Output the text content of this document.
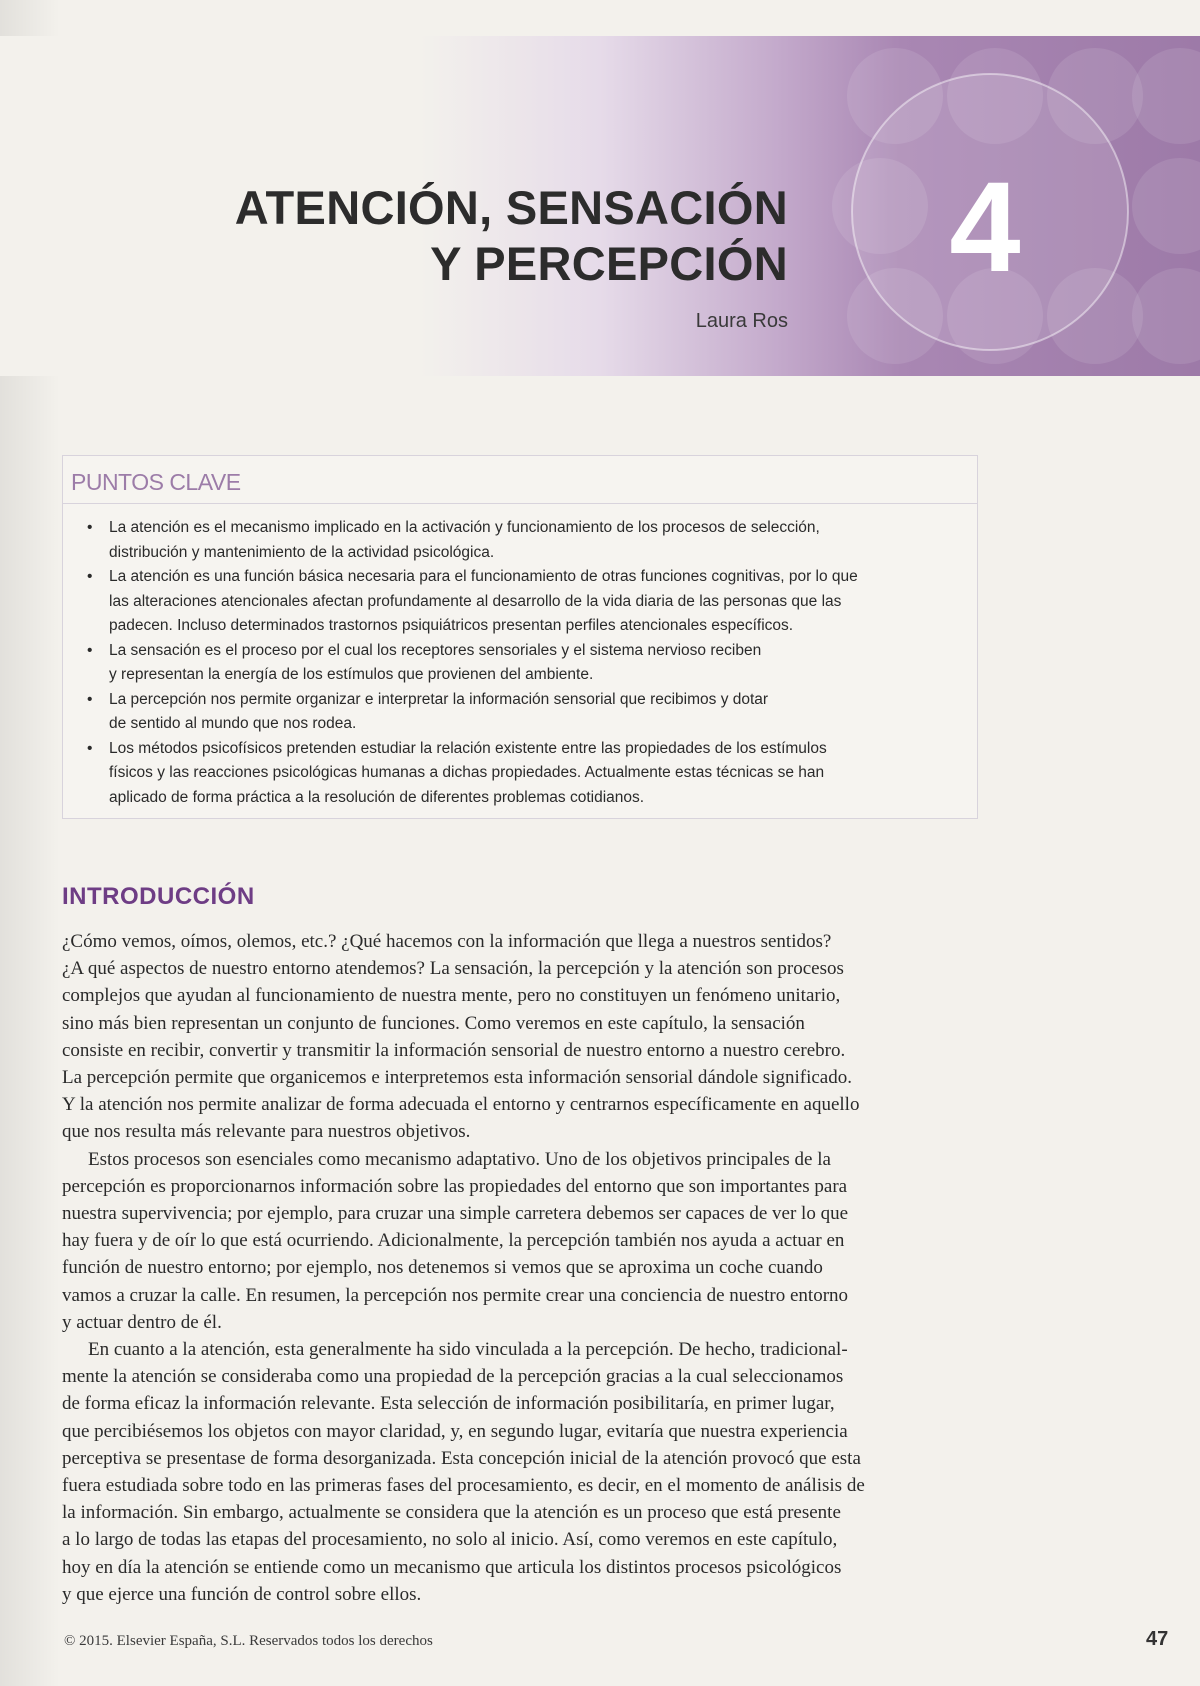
4
ATENCIÓN, SENSACIÓN
Y PERCEPCIÓN
Laura Ros
PUNTOS CLAVE
• La atención es el mecanismo implicado en la activación y funcionamiento de los procesos de selección,
distribución y mantenimiento de la actividad psicológica.
• La atención es una función básica necesaria para el funcionamiento de otras funciones cognitivas, por lo que
las alteraciones atencionales afectan profundamente al desarrollo de la vida diaria de las personas que las
padecen. Incluso determinados trastornos psiquiátricos presentan perfiles atencionales específicos.
• La sensación es el proceso por el cual los receptores sensoriales y el sistema nervioso reciben
y representan la energía de los estímulos que provienen del ambiente.
• La percepción nos permite organizar e interpretar la información sensorial que recibimos y dotar
de sentido al mundo que nos rodea.
• Los métodos psicofísicos pretenden estudiar la relación existente entre las propiedades de los estímulos
físicos y las reacciones psicológicas humanas a dichas propiedades. Actualmente estas técnicas se han
aplicado de forma práctica a la resolución de diferentes problemas cotidianos.
INTRODUCCIÓN
¿Cómo vemos, oímos, olemos, etc.? ¿Qué hacemos con la información que llega a nuestros sentidos?
¿A qué aspectos de nuestro entorno atendemos? La sensación, la percepción y la atención son procesos
complejos que ayudan al funcionamiento de nuestra mente, pero no constituyen un fenómeno unitario,
sino más bien representan un conjunto de funciones. Como veremos en este capítulo, la sensación
consiste en recibir, convertir y transmitir la información sensorial de nuestro entorno a nuestro cerebro.
La percepción permite que organicemos e interpretemos esta información sensorial dándole significado.
Y la atención nos permite analizar de forma adecuada el entorno y centrarnos específicamente en aquello
que nos resulta más relevante para nuestros objetivos.
Estos procesos son esenciales como mecanismo adaptativo. Uno de los objetivos principales de la
percepción es proporcionarnos información sobre las propiedades del entorno que son importantes para
nuestra supervivencia; por ejemplo, para cruzar una simple carretera debemos ser capaces de ver lo que
hay fuera y de oír lo que está ocurriendo. Adicionalmente, la percepción también nos ayuda a actuar en
función de nuestro entorno; por ejemplo, nos detenemos si vemos que se aproxima un coche cuando
vamos a cruzar la calle. En resumen, la percepción nos permite crear una conciencia de nuestro entorno
y actuar dentro de él.
En cuanto a la atención, esta generalmente ha sido vinculada a la percepción. De hecho, tradicional-
mente la atención se consideraba como una propiedad de la percepción gracias a la cual seleccionamos
de forma eficaz la información relevante. Esta selección de información posibilitaría, en primer lugar,
que percibiésemos los objetos con mayor claridad, y, en segundo lugar, evitaría que nuestra experiencia
perceptiva se presentase de forma desorganizada. Esta concepción inicial de la atención provocó que esta
fuera estudiada sobre todo en las primeras fases del procesamiento, es decir, en el momento de análisis de
la información. Sin embargo, actualmente se considera que la atención es un proceso que está presente
a lo largo de todas las etapas del procesamiento, no solo al inicio. Así, como veremos en este capítulo,
hoy en día la atención se entiende como un mecanismo que articula los distintos procesos psicológicos
y que ejerce una función de control sobre ellos.
© 2015. Elsevier España, S.L. Reservados todos los derechos	47
